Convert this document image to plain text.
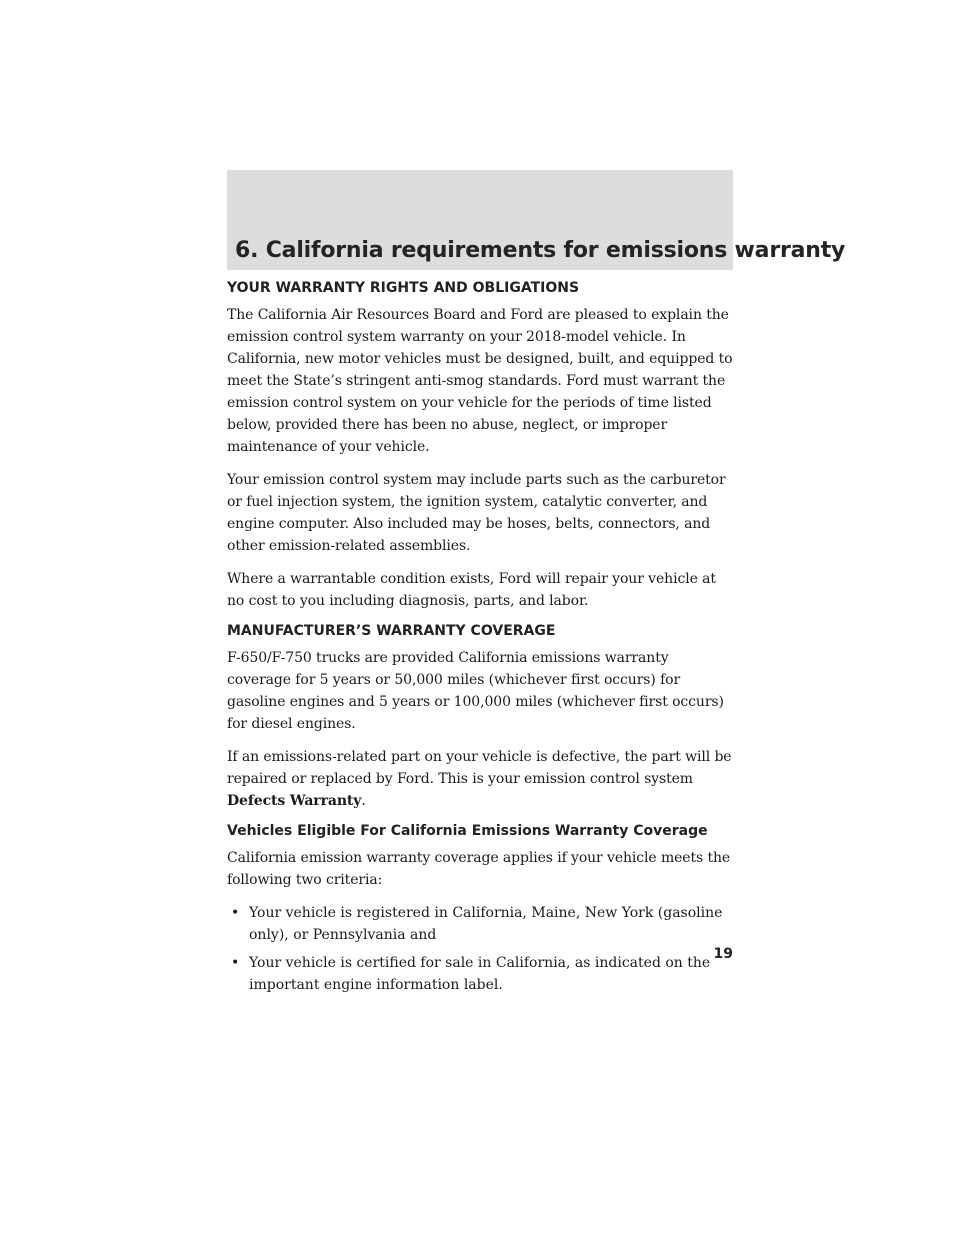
6. California requirements for emissions warranty
YOUR WARRANTY RIGHTS AND OBLIGATIONS

The California Air Resources Board and Ford are pleased to explain the emission control system warranty on your 2018-model vehicle. In California, new motor vehicles must be designed, built, and equipped to meet the State’s stringent anti-smog standards. Ford must warrant the emission control system on your vehicle for the periods of time listed below, provided there has been no abuse, neglect, or improper maintenance of your vehicle.

Your emission control system may include parts such as the carburetor or fuel injection system, the ignition system, catalytic converter, and engine computer. Also included may be hoses, belts, connectors, and other emission-related assemblies.

Where a warrantable condition exists, Ford will repair your vehicle at no cost to you including diagnosis, parts, and labor.

MANUFACTURER’S WARRANTY COVERAGE

F-650/F-750 trucks are provided California emissions warranty coverage for 5 years or 50,000 miles (whichever first occurs) for gasoline engines and 5 years or 100,000 miles (whichever first occurs) for diesel engines.

If an emissions-related part on your vehicle is defective, the part will be repaired or replaced by Ford. This is your emission control system
Defects Warranty.

Vehicles Eligible For California Emissions Warranty Coverage

California emission warranty coverage applies if your vehicle meets the following two criteria:

• Your vehicle is registered in California, Maine, New York (gasoline only), or Pennsylvania and
• Your vehicle is certified for sale in California, as indicated on the important engine information label.
19
